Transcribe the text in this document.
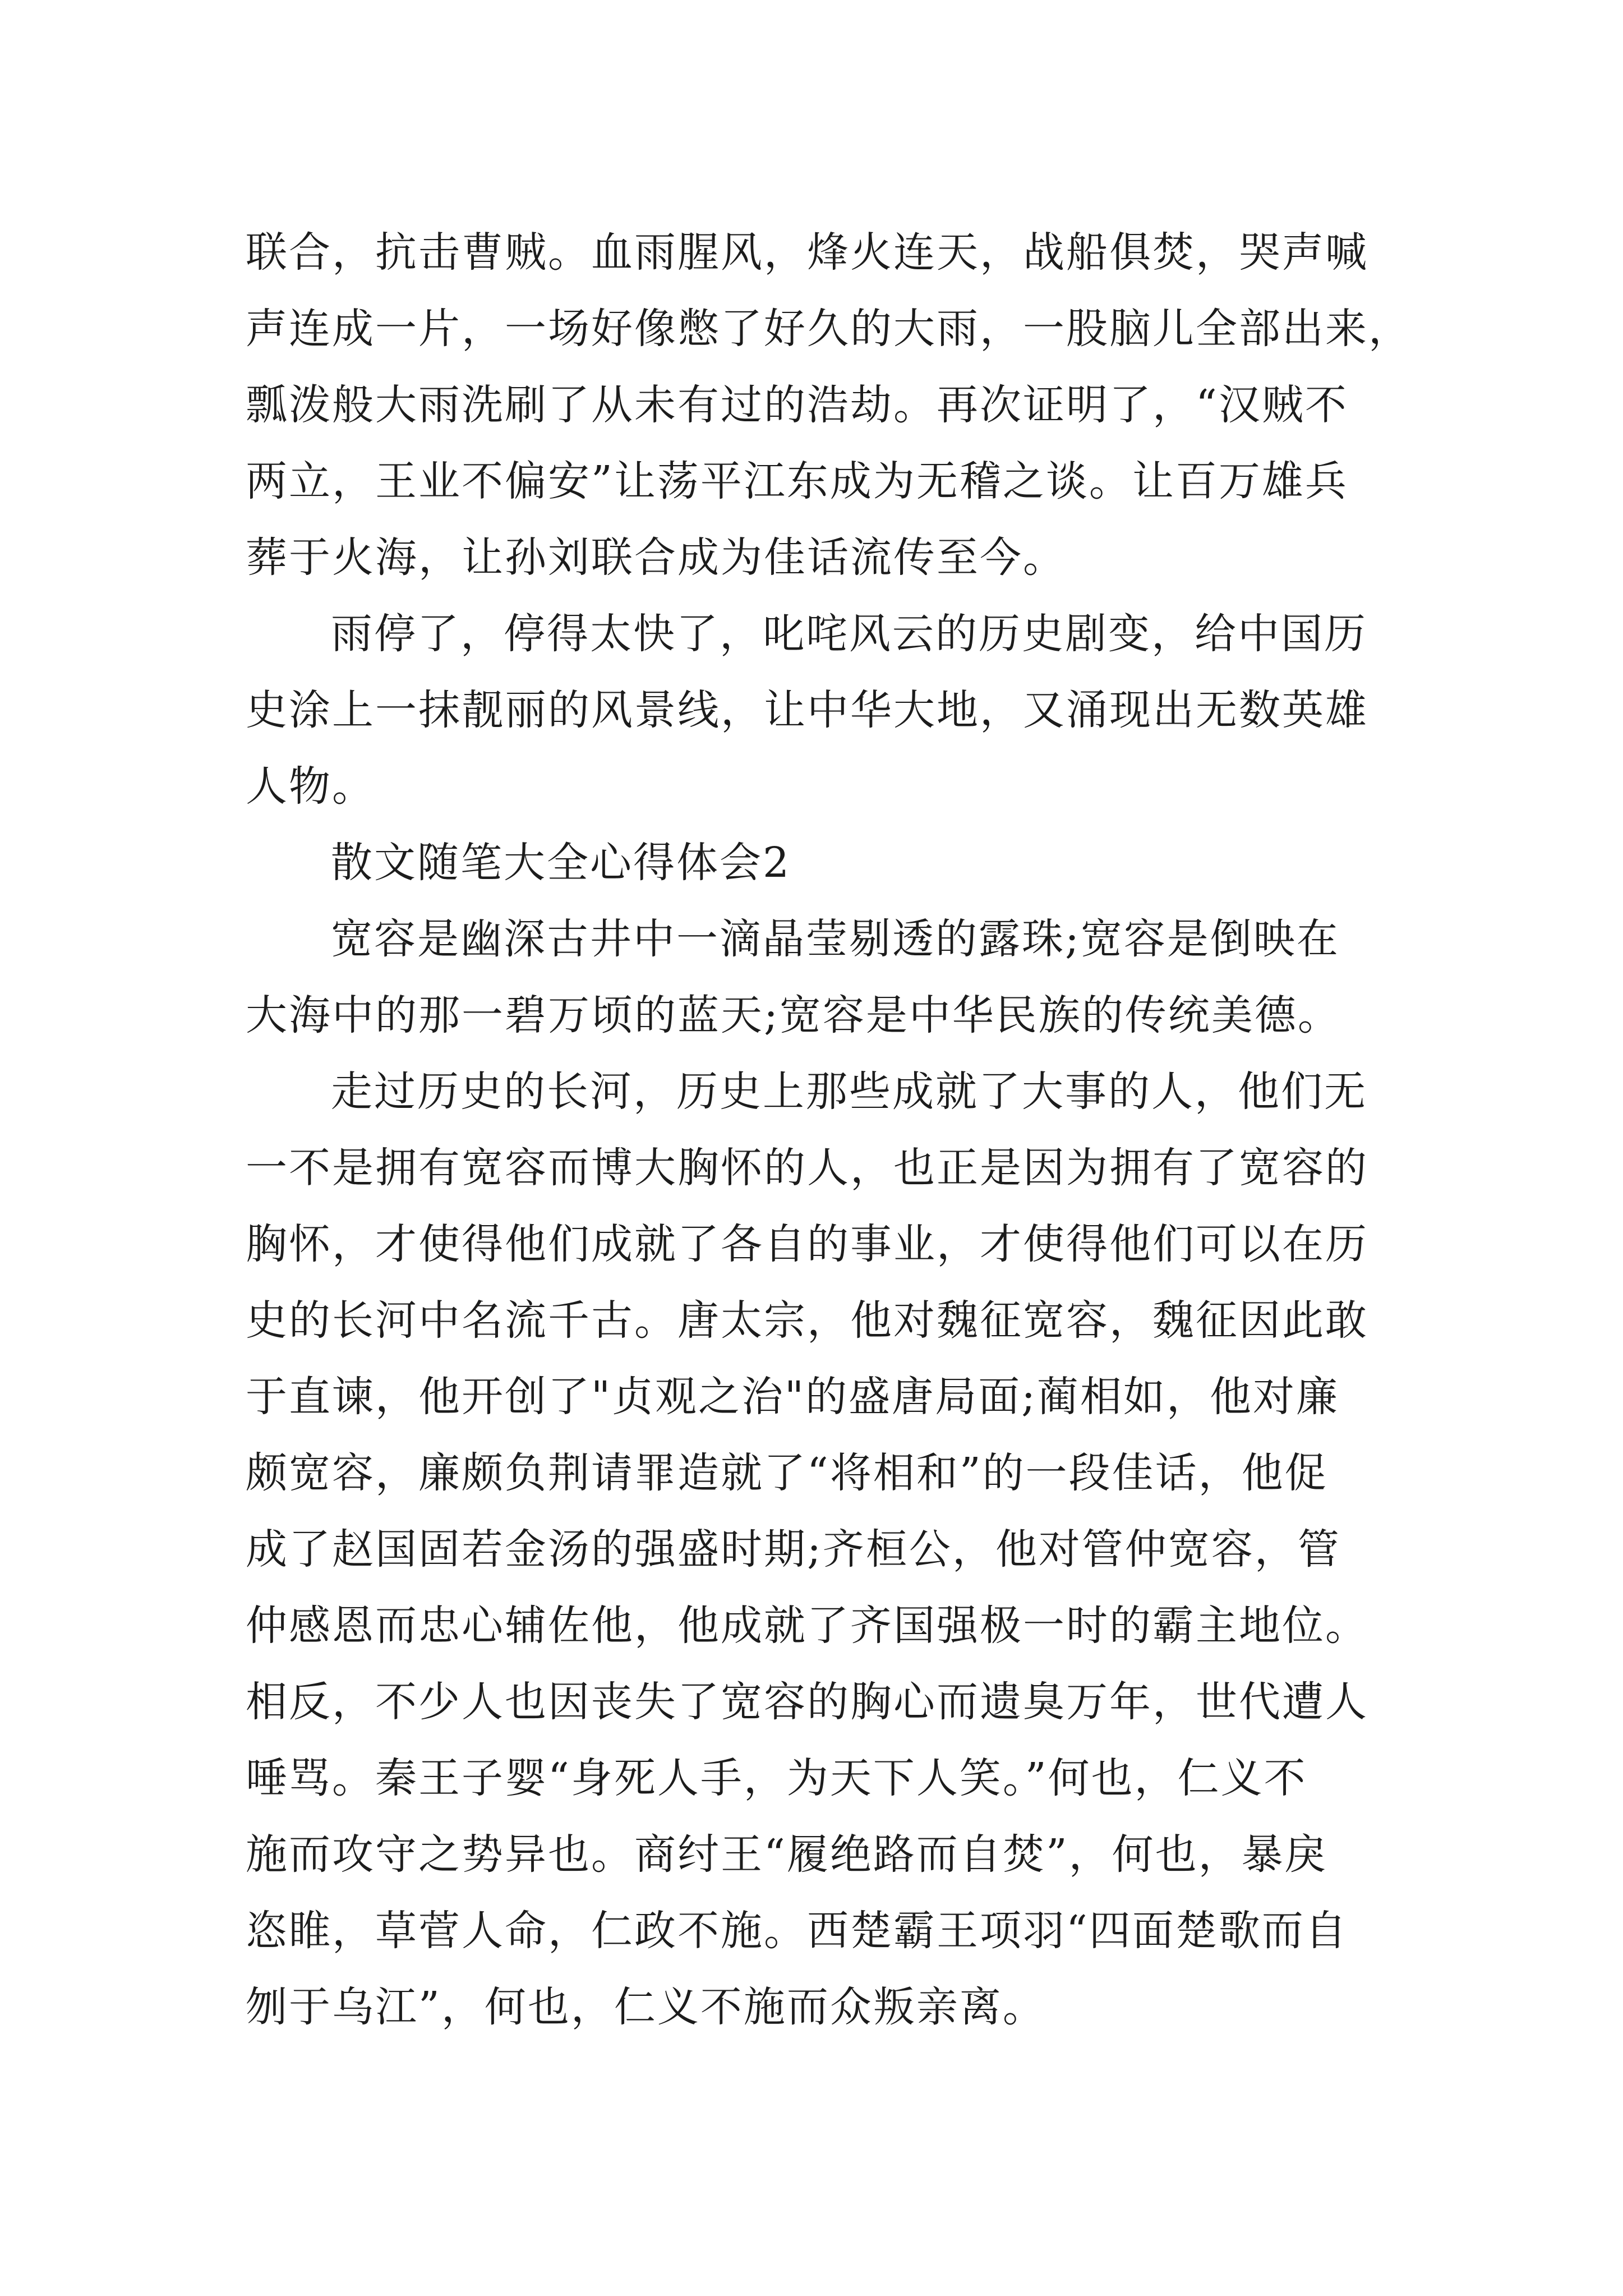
联合，抗击曹贼。血雨腥风，烽火连天，战船俱焚，哭声喊
声连成一片，一场好像憋了好久的大雨，一股脑儿全部出来，
瓢泼般大雨洗刷了从未有过的浩劫。再次证明了，“汉贼不
两立，王业不偏安”让荡平江东成为无稽之谈。让百万雄兵
葬于火海，让孙刘联合成为佳话流传至今。
雨停了，停得太快了，叱咤风云的历史剧变，给中国历
史涂上一抹靓丽的风景线，让中华大地，又涌现出无数英雄
人物。
散文随笔大全心得体会2
宽容是幽深古井中一滴晶莹剔透的露珠;宽容是倒映在
大海中的那一碧万顷的蓝天;宽容是中华民族的传统美德。
走过历史的长河，历史上那些成就了大事的人，他们无
一不是拥有宽容而博大胸怀的人，也正是因为拥有了宽容的
胸怀，才使得他们成就了各自的事业，才使得他们可以在历
史的长河中名流千古。唐太宗，他对魏征宽容，魏征因此敢
于直谏，他开创了"贞观之治"的盛唐局面;蔺相如，他对廉
颇宽容，廉颇负荆请罪造就了“将相和”的一段佳话，他促
成了赵国固若金汤的强盛时期;齐桓公，他对管仲宽容，管
仲感恩而忠心辅佐他，他成就了齐国强极一时的霸主地位。
相反，不少人也因丧失了宽容的胸心而遗臭万年，世代遭人
唾骂。秦王子婴“身死人手，为天下人笑。”何也，仁义不
施而攻守之势异也。商纣王“履绝路而自焚”，何也，暴戾
恣睢，草菅人命，仁政不施。西楚霸王项羽“四面楚歌而自
刎于乌江”，何也，仁义不施而众叛亲离。
